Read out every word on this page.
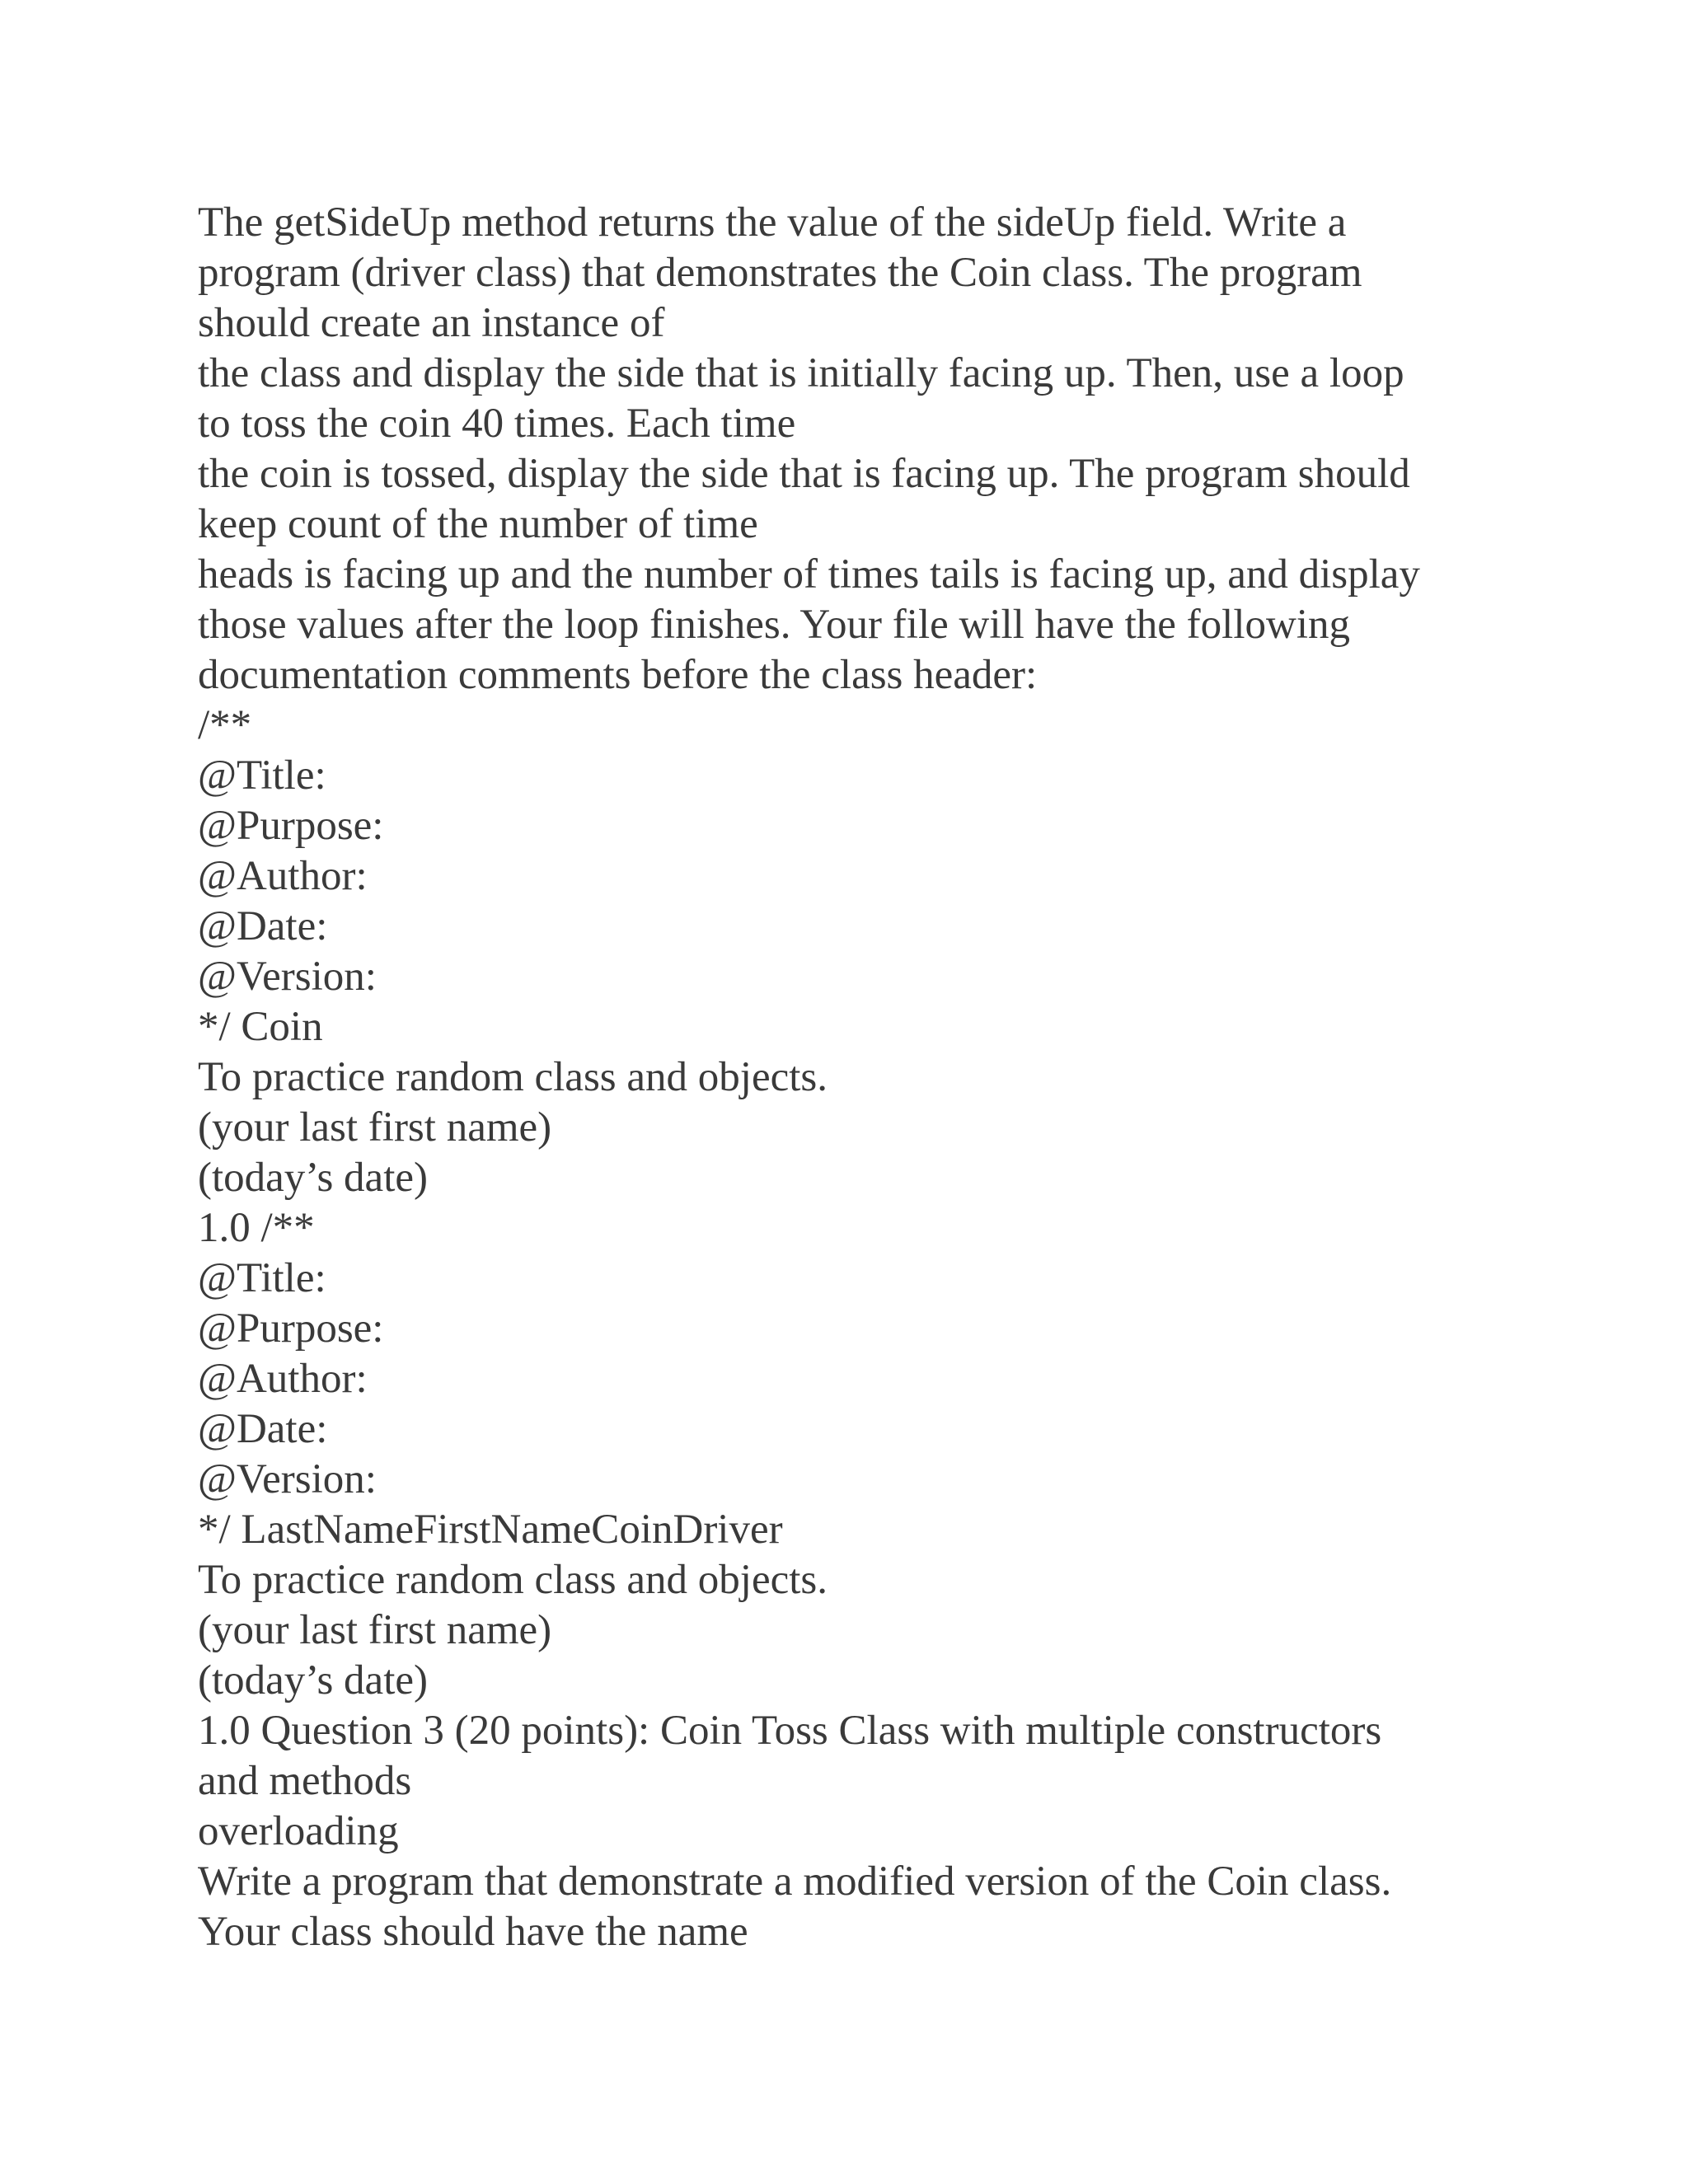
The getSideUp method returns the value of the sideUp field. Write a
program (driver class) that demonstrates the Coin class. The program
should create an instance of
the class and display the side that is initially facing up. Then, use a loop
to toss the coin 40 times. Each time
the coin is tossed, display the side that is facing up. The program should
keep count of the number of time
heads is facing up and the number of times tails is facing up, and display
those values after the loop finishes. Your file will have the following
documentation comments before the class header:
/**
@Title:
@Purpose:
@Author:
@Date:
@Version:
*/ Coin
To practice random class and objects.
(your last first name)
(today’s date)
1.0 /**
@Title:
@Purpose:
@Author:
@Date:
@Version:
*/ LastNameFirstNameCoinDriver
To practice random class and objects.
(your last first name)
(today’s date)
1.0 Question 3 (20 points): Coin Toss Class with multiple constructors
and methods
overloading
Write a program that demonstrate a modified version of the Coin class.
Your class should have the name
